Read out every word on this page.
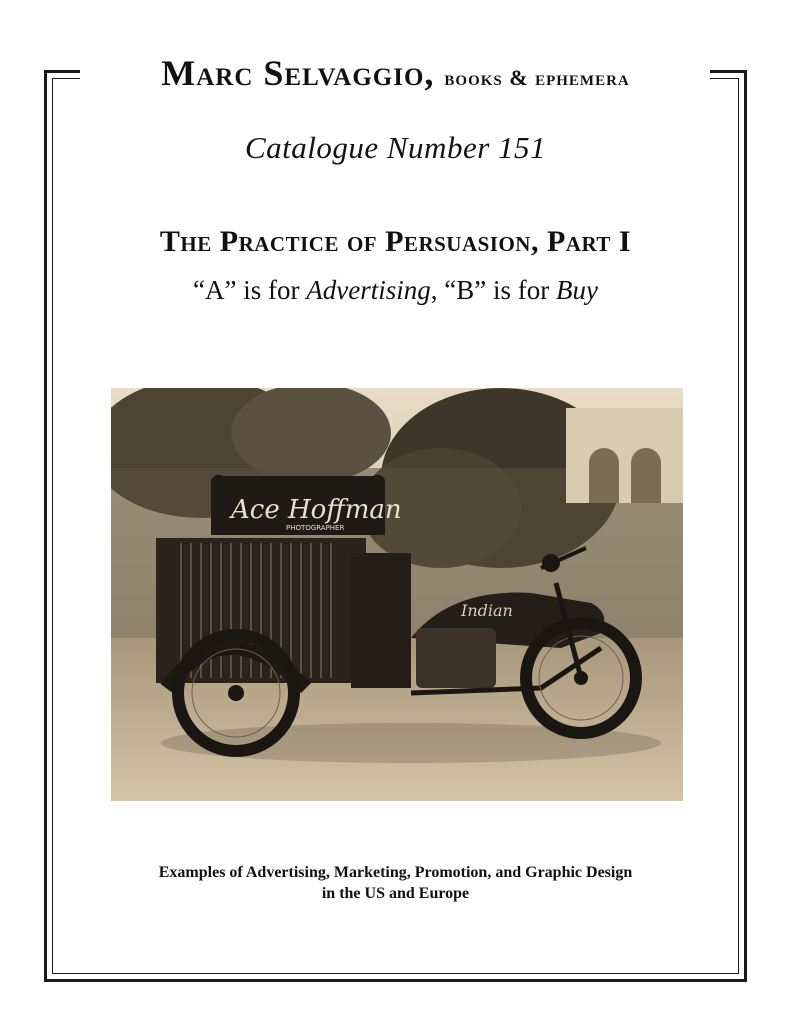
Marc Selvaggio, books & ephemera
Catalogue Number 151
The Practice of Persuasion, Part I
“A” is for Advertising, “B” is for Buy
Ace Hoffman
PHOTOGRAPHER
Indian
Examples of Advertising, Marketing, Promotion, and Graphic Design
in the US and Europe
